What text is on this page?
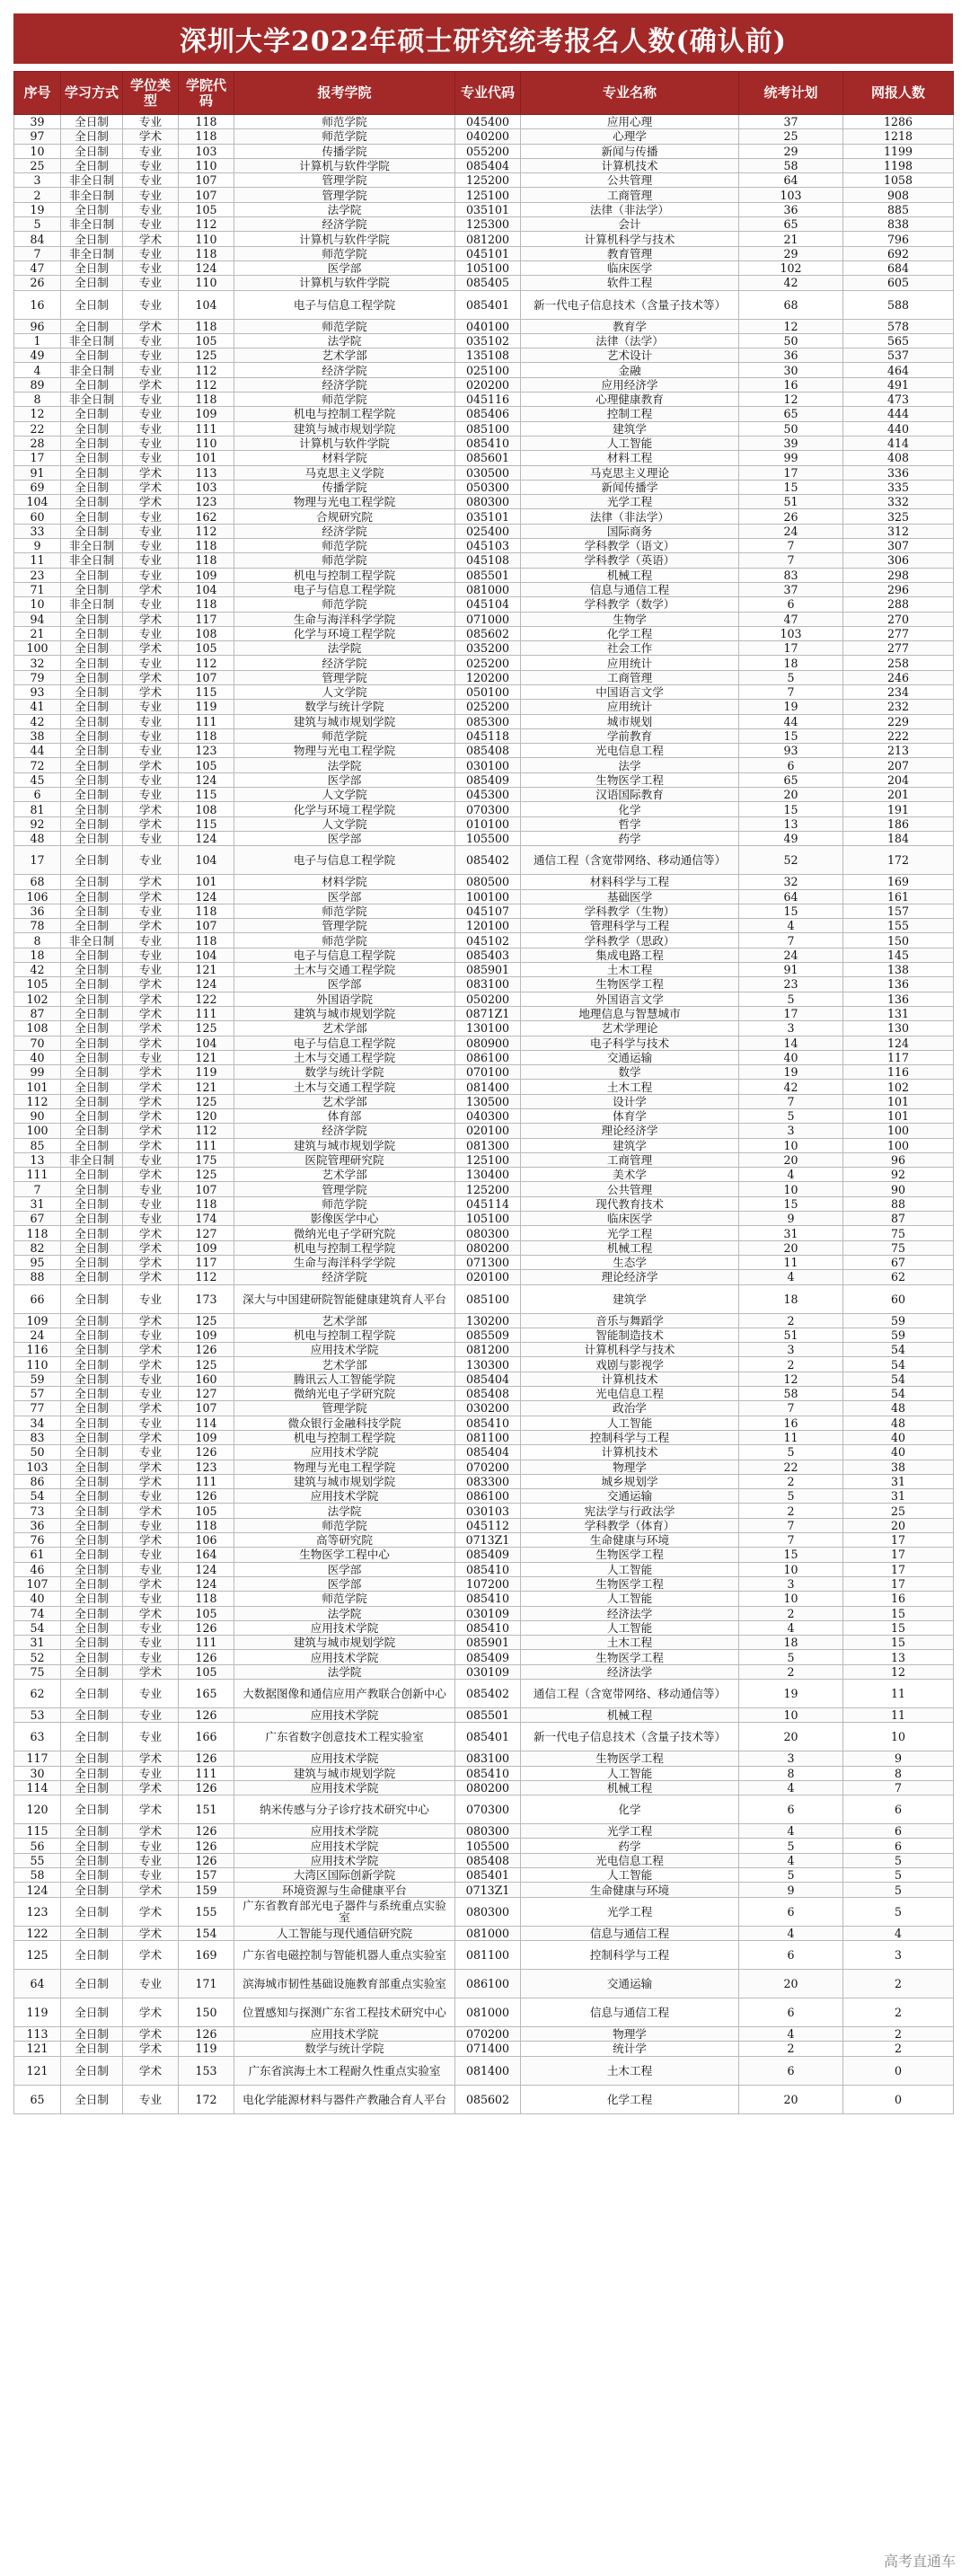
深圳大学2022年硕士研究统考报名人数(确认前)
序号	学习方式	学位类型	学院代码	报考学院	专业代码	专业名称	统考计划	网报人数
39	全日制	专业	118	师范学院	045400	应用心理	37	1286
97	全日制	学术	118	师范学院	040200	心理学	25	1218
10	全日制	专业	103	传播学院	055200	新闻与传播	29	1199
25	全日制	专业	110	计算机与软件学院	085404	计算机技术	58	1198
3	非全日制	专业	107	管理学院	125200	公共管理	64	1058
2	非全日制	专业	107	管理学院	125100	工商管理	103	908
19	全日制	专业	105	法学院	035101	法律（非法学）	36	885
5	非全日制	专业	112	经济学院	125300	会计	65	838
84	全日制	学术	110	计算机与软件学院	081200	计算机科学与技术	21	796
7	非全日制	专业	118	师范学院	045101	教育管理	29	692
47	全日制	专业	124	医学部	105100	临床医学	102	684
26	全日制	专业	110	计算机与软件学院	085405	软件工程	42	605
16	全日制	专业	104	电子与信息工程学院	085401	新一代电子信息技术（含量子技术等）	68	588
96	全日制	学术	118	师范学院	040100	教育学	12	578
1	非全日制	专业	105	法学院	035102	法律（法学）	50	565
49	全日制	专业	125	艺术学部	135108	艺术设计	36	537
4	非全日制	专业	112	经济学院	025100	金融	30	464
89	全日制	学术	112	经济学院	020200	应用经济学	16	491
8	非全日制	专业	118	师范学院	045116	心理健康教育	12	473
12	全日制	专业	109	机电与控制工程学院	085406	控制工程	65	444
22	全日制	专业	111	建筑与城市规划学院	085100	建筑学	50	440
28	全日制	专业	110	计算机与软件学院	085410	人工智能	39	414
17	全日制	专业	101	材料学院	085601	材料工程	99	408
91	全日制	学术	113	马克思主义学院	030500	马克思主义理论	17	336
69	全日制	学术	103	传播学院	050300	新闻传播学	15	335
104	全日制	学术	123	物理与光电工程学院	080300	光学工程	51	332
60	全日制	专业	162	合规研究院	035101	法律（非法学）	26	325
33	全日制	专业	112	经济学院	025400	国际商务	24	312
9	非全日制	专业	118	师范学院	045103	学科教学（语文）	7	307
11	非全日制	专业	118	师范学院	045108	学科教学（英语）	7	306
23	全日制	专业	109	机电与控制工程学院	085501	机械工程	83	298
71	全日制	学术	104	电子与信息工程学院	081000	信息与通信工程	37	296
10	非全日制	专业	118	师范学院	045104	学科教学（数学）	6	288
94	全日制	学术	117	生命与海洋科学学院	071000	生物学	47	270
21	全日制	专业	108	化学与环境工程学院	085602	化学工程	103	277
100	全日制	学术	105	法学院	035200	社会工作	17	277
32	全日制	专业	112	经济学院	025200	应用统计	18	258
79	全日制	学术	107	管理学院	120200	工商管理	5	246
93	全日制	学术	115	人文学院	050100	中国语言文学	7	234
41	全日制	专业	119	数学与统计学院	025200	应用统计	19	232
42	全日制	专业	111	建筑与城市规划学院	085300	城市规划	44	229
38	全日制	专业	118	师范学院	045118	学前教育	15	222
44	全日制	专业	123	物理与光电工程学院	085408	光电信息工程	93	213
72	全日制	学术	105	法学院	030100	法学	6	207
45	全日制	专业	124	医学部	085409	生物医学工程	65	204
6	全日制	专业	115	人文学院	045300	汉语国际教育	20	201
81	全日制	学术	108	化学与环境工程学院	070300	化学	15	191
92	全日制	学术	115	人文学院	010100	哲学	13	186
48	全日制	专业	124	医学部	105500	药学	49	184
17	全日制	专业	104	电子与信息工程学院	085402	通信工程（含宽带网络、移动通信等）	52	172
68	全日制	学术	101	材料学院	080500	材料科学与工程	32	169
106	全日制	学术	124	医学部	100100	基础医学	64	161
36	全日制	专业	118	师范学院	045107	学科教学（生物）	15	157
78	全日制	学术	107	管理学院	120100	管理科学与工程	4	155
8	非全日制	专业	118	师范学院	045102	学科教学（思政）	7	150
18	全日制	专业	104	电子与信息工程学院	085403	集成电路工程	24	145
42	全日制	专业	121	土木与交通工程学院	085901	土木工程	91	138
105	全日制	学术	124	医学部	083100	生物医学工程	23	136
102	全日制	学术	122	外国语学院	050200	外国语言文学	5	136
87	全日制	学术	111	建筑与城市规划学院	0871Z1	地理信息与智慧城市	17	131
108	全日制	学术	125	艺术学部	130100	艺术学理论	3	130
70	全日制	学术	104	电子与信息工程学院	080900	电子科学与技术	14	124
40	全日制	专业	121	土木与交通工程学院	086100	交通运输	40	117
99	全日制	学术	119	数学与统计学院	070100	数学	19	116
101	全日制	学术	121	土木与交通工程学院	081400	土木工程	42	102
112	全日制	学术	125	艺术学部	130500	设计学	7	101
90	全日制	学术	120	体育部	040300	体育学	5	101
100	全日制	学术	112	经济学院	020100	理论经济学	3	100
85	全日制	学术	111	建筑与城市规划学院	081300	建筑学	10	100
13	非全日制	专业	175	医院管理研究院	125100	工商管理	20	96
111	全日制	学术	125	艺术学部	130400	美术学	4	92
7	全日制	专业	107	管理学院	125200	公共管理	10	90
31	全日制	专业	118	师范学院	045114	现代教育技术	15	88
67	全日制	专业	174	影像医学中心	105100	临床医学	9	87
118	全日制	学术	127	微纳光电子学研究院	080300	光学工程	31	75
82	全日制	学术	109	机电与控制工程学院	080200	机械工程	20	75
95	全日制	学术	117	生命与海洋科学学院	071300	生态学	11	67
88	全日制	学术	112	经济学院	020100	理论经济学	4	62
66	全日制	专业	173	深大与中国建研院智能健康建筑育人平台	085100	建筑学	18	60
109	全日制	学术	125	艺术学部	130200	音乐与舞蹈学	2	59
24	全日制	专业	109	机电与控制工程学院	085509	智能制造技术	51	59
116	全日制	学术	126	应用技术学院	081200	计算机科学与技术	3	54
110	全日制	学术	125	艺术学部	130300	戏剧与影视学	2	54
59	全日制	专业	160	腾讯云人工智能学院	085404	计算机技术	12	54
57	全日制	专业	127	微纳光电子学研究院	085408	光电信息工程	58	54
77	全日制	学术	107	管理学院	030200	政治学	7	48
34	全日制	专业	114	微众银行金融科技学院	085410	人工智能	16	48
83	全日制	学术	109	机电与控制工程学院	081100	控制科学与工程	11	40
50	全日制	专业	126	应用技术学院	085404	计算机技术	5	40
103	全日制	学术	123	物理与光电工程学院	070200	物理学	22	38
86	全日制	学术	111	建筑与城市规划学院	083300	城乡规划学	2	31
54	全日制	专业	126	应用技术学院	086100	交通运输	5	31
73	全日制	学术	105	法学院	030103	宪法学与行政法学	2	25
36	全日制	专业	118	师范学院	045112	学科教学（体育）	7	20
76	全日制	学术	106	高等研究院	0713Z1	生命健康与环境	7	17
61	全日制	专业	164	生物医学工程中心	085409	生物医学工程	15	17
46	全日制	专业	124	医学部	085410	人工智能	10	17
107	全日制	学术	124	医学部	107200	生物医学工程	3	17
40	全日制	专业	118	师范学院	085410	人工智能	10	16
74	全日制	学术	105	法学院	030109	经济法学	2	15
54	全日制	专业	126	应用技术学院	085410	人工智能	4	15
31	全日制	专业	111	建筑与城市规划学院	085901	土木工程	18	15
52	全日制	专业	126	应用技术学院	085409	生物医学工程	5	13
75	全日制	学术	105	法学院	030109	经济法学	2	12
62	全日制	专业	165	大数据图像和通信应用产教联合创新中心	085402	通信工程（含宽带网络、移动通信等）	19	11
53	全日制	专业	126	应用技术学院	085501	机械工程	10	11
63	全日制	专业	166	广东省数字创意技术工程实验室	085401	新一代电子信息技术（含量子技术等）	20	10
117	全日制	学术	126	应用技术学院	083100	生物医学工程	3	9
30	全日制	专业	111	建筑与城市规划学院	085410	人工智能	8	8
114	全日制	学术	126	应用技术学院	080200	机械工程	4	7
120	全日制	学术	151	纳米传感与分子诊疗技术研究中心	070300	化学	6	6
115	全日制	学术	126	应用技术学院	080300	光学工程	4	6
56	全日制	专业	126	应用技术学院	105500	药学	5	6
55	全日制	专业	126	应用技术学院	085408	光电信息工程	4	5
58	全日制	专业	157	大湾区国际创新学院	085401	人工智能	5	5
124	全日制	学术	159	环境资源与生命健康平台	0713Z1	生命健康与环境	9	5
123	全日制	学术	155	广东省教育部光电子器件与系统重点实验室	080300	光学工程	6	5
122	全日制	学术	154	人工智能与现代通信研究院	081000	信息与通信工程	4	4
125	全日制	学术	169	广东省电磁控制与智能机器人重点实验室	081100	控制科学与工程	6	3
64	全日制	专业	171	滨海城市韧性基础设施教育部重点实验室	086100	交通运输	20	2
119	全日制	学术	150	位置感知与探测广东省工程技术研究中心	081000	信息与通信工程	6	2
113	全日制	学术	126	应用技术学院	070200	物理学	4	2
121	全日制	学术	119	数学与统计学院	071400	统计学	2	2
121	全日制	学术	153	广东省滨海土木工程耐久性重点实验室	081400	土木工程	6	0
65	全日制	专业	172	电化学能源材料与器件产教融合育人平台	085602	化学工程	20	0
高考直通车
